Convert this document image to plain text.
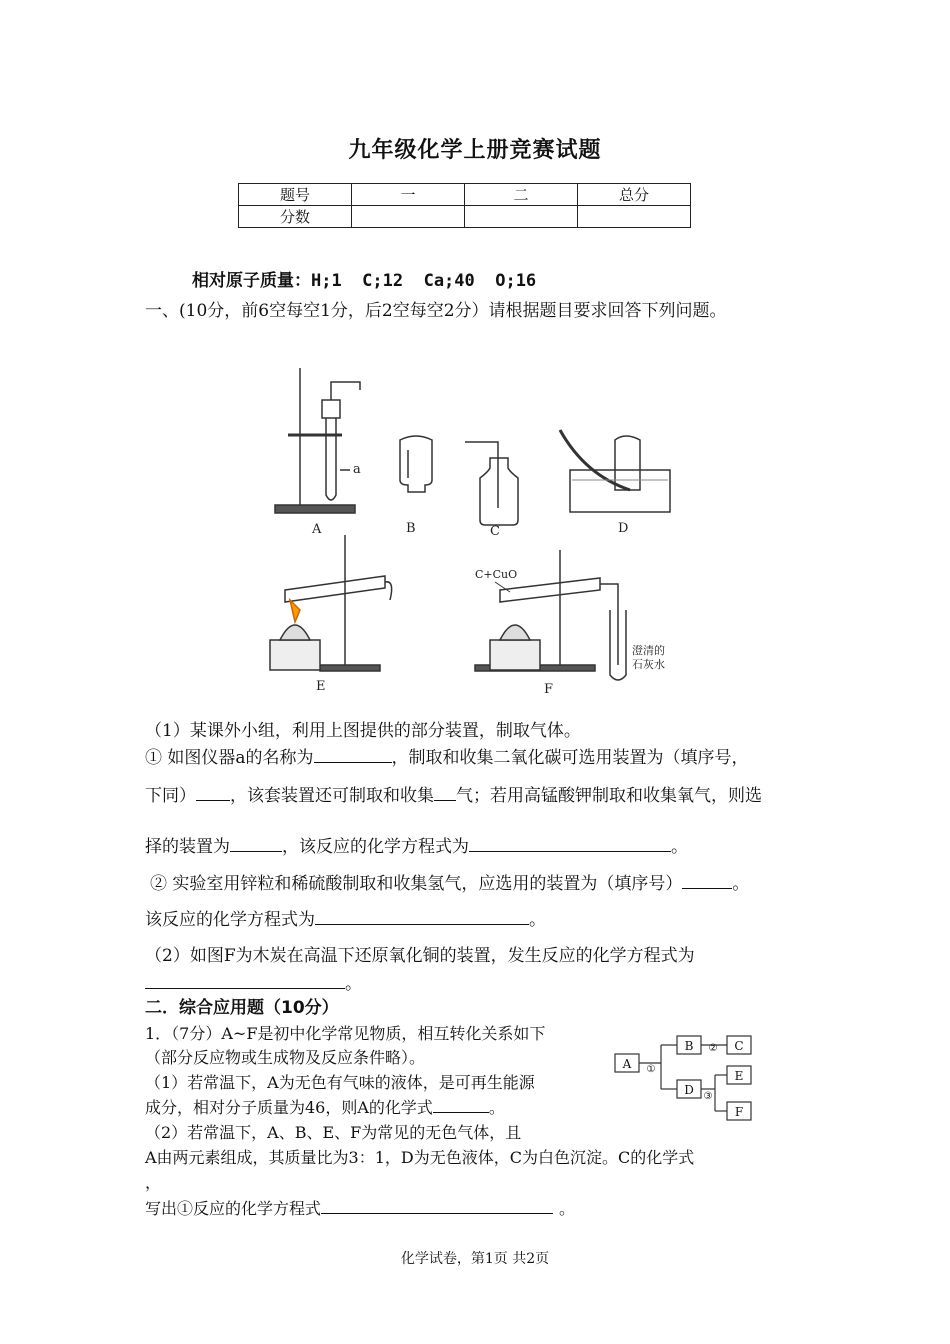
九年级化学上册竞赛试题
题号	一	二	总分
分数			
相对原子质量：H;1  C;12  Ca;40  O;16
一、(10分，前6空每空1分，后2空每空2分）请根据题目要求回答下列问题。
a
A	B	C	D
E	F
C+CuO
澄清的
石灰水
（1）某课外小组，利用上图提供的部分装置，制取气体。
① 如图仪器a的名称为	，制取和收集二氧化碳可选用装置为（填序号，
下同） ，该套装置还可制取和收集 气；若用高锰酸钾制取和收集氧气，则选
择的装置为	，该反应的化学方程式为	。
② 实验室用锌粒和稀硫酸制取和收集氢气，应选用的装置为（填序号）	。
该反应的化学方程式为	。
（2）如图F为木炭在高温下还原氧化铜的装置，发生反应的化学方程式为
。
二．综合应用题（10分）
1．（7分）A~F是初中化学常见物质，相互转化关系如下
（部分反应物或生成物及反应条件略）。
（1）若常温下，A为无色有气味的液体，是可再生能源
成分，相对分子质量为46，则A的化学式	。
（2）若常温下，A、B、E、F为常见的无色气体，且
A由两元素组成，其质量比为3：1，D为无色液体，C为白色沉淀。C的化学式
，
写出①反应的化学方程式	。
A
B	C
D
E
F
①
②
③
化学试卷，第1页 共2页
